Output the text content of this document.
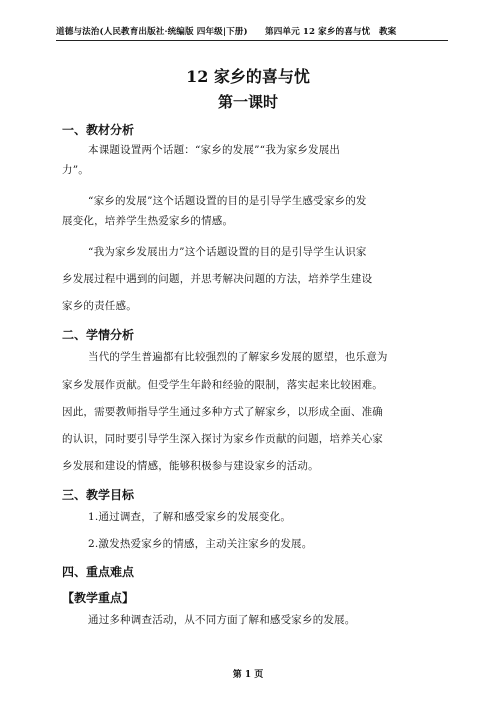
道德与法治(人民教育出版社·统编版 四年级|下册)　　第四单元 12 家乡的喜与忧　教案
12 家乡的喜与忧
第一课时
一、教材分析
本课题设置两个话题：“家乡的发展”“我为家乡发展出
力”。
“家乡的发展”这个话题设置的目的是引导学生感受家乡的发
展变化，培养学生热爱家乡的情感。
“我为家乡发展出力”这个话题设置的目的是引导学生认识家
乡发展过程中遇到的问题，并思考解决问题的方法，培养学生建设
家乡的责任感。
二、学情分析
当代的学生普遍都有比较强烈的了解家乡发展的愿望，也乐意为
家乡发展作贡献。但受学生年龄和经验的限制，落实起来比较困难。
因此，需要教师指导学生通过多种方式了解家乡，以形成全面、准确
的认识，同时要引导学生深入探讨为家乡作贡献的问题，培养关心家
乡发展和建设的情感，能够积极参与建设家乡的活动。
三、教学目标
1.通过调查，了解和感受家乡的发展变化。
2.激发热爱家乡的情感，主动关注家乡的发展。
四、重点难点
【教学重点】
通过多种调查活动，从不同方面了解和感受家乡的发展。
第 1 页
